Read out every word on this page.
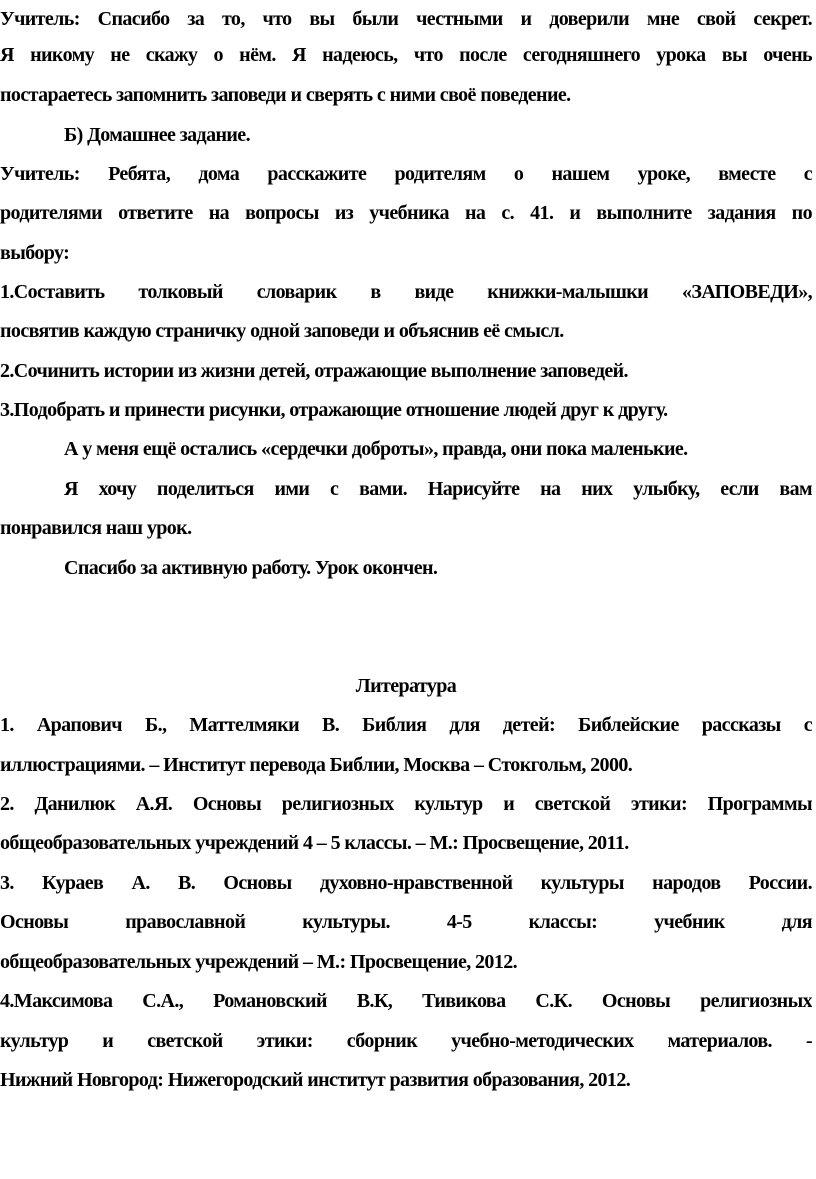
Учитель: Спасибо за то, что вы были честными и доверили мне свой секрет.
Я никому не скажу о нём. Я надеюсь, что после сегодняшнего урока вы очень
постараетесь запомнить заповеди и сверять с ними своё поведение.
Б) Домашнее задание.
Учитель: Ребята, дома расскажите родителям о нашем уроке, вместе с
родителями ответите на вопросы из учебника на с. 41. и выполните задания по
выбору:
1.Составить толковый словарик в виде книжки-малышки «ЗАПОВЕДИ»,
посвятив каждую страничку одной заповеди и объяснив её смысл.
2.Сочинить истории из жизни детей, отражающие выполнение заповедей.
3.Подобрать и принести рисунки, отражающие отношение людей друг к другу.
А у меня ещё остались «сердечки доброты», правда, они пока маленькие.
Я хочу поделиться ими с вами. Нарисуйте на них улыбку, если вам
понравился наш урок.
Спасибо за активную работу. Урок окончен.
Литература
1. Арапович Б., Маттелмяки В. Библия для детей: Библейские рассказы с
иллюстрациями. – Институт перевода Библии, Москва – Стокгольм, 2000.
2. Данилюк А.Я. Основы религиозных культур и светской этики: Программы
общеобразовательных учреждений 4 – 5 классы. – М.: Просвещение, 2011.
3. Кураев А. В. Основы духовно-нравственной культуры народов России.
Основы православной культуры. 4-5 классы: учебник для
общеобразовательных учреждений – М.: Просвещение, 2012.
4.Максимова С.А., Романовский В.К, Тивикова С.К. Основы религиозных
культур и светской этики: сборник учебно-методических материалов. -
Нижний Новгород: Нижегородский институт развития образования, 2012.
